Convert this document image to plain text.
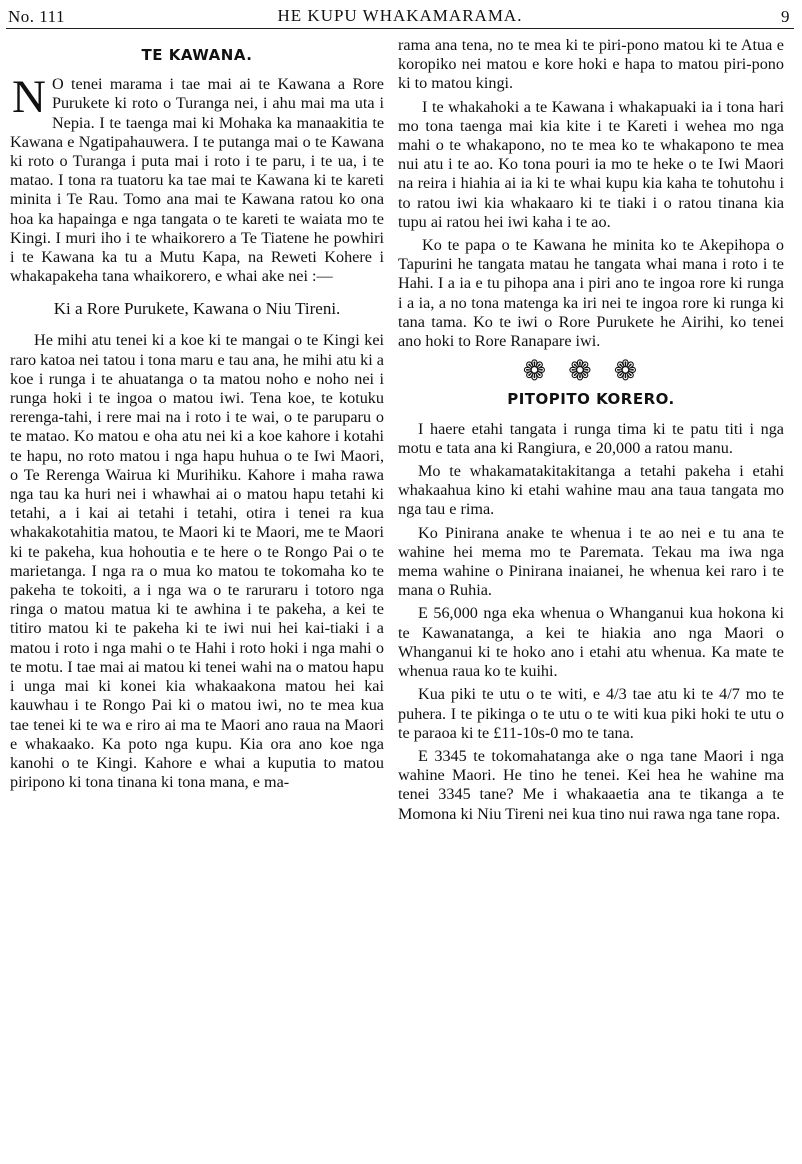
No. 111	HE KUPU WHAKAMARAMA.	9
TE KAWANA.

N O tenei marama i tae mai ai te Kawana a Rore Purukete ki roto o Turanga nei, i ahu mai ma uta i Nepia. I te taenga mai ki Mohaka ka manaakitia te Kawana e Ngatipahauwera. I te putanga mai o te Kawana ki roto o Turanga i puta mai i roto i te paru, i te ua, i te matao. I tona ra tuatoru ka tae mai te Kawana ki te kareti minita i Te Rau. Tomo ana mai te Kawana ratou ko ona hoa ka hapainga e nga tangata o te kareti te waiata mo te Kingi. I muri iho i te whaikorero a Te Tiatene he powhiri i te Kawana ka tu a Mutu Kapa, na Reweti Kohere i whakapakeha tana whaikorero, e whai ake nei :—

Ki a Rore Purukete, Kawana o Niu Tireni.

He mihi atu tenei ki a koe ki te mangai o te Kingi kei raro katoa nei tatou i tona maru e tau ana, he mihi atu ki a koe i runga i te ahuatanga o ta matou noho e noho nei i runga hoki i te ingoa o matou iwi. Tena koe, te kotuku rerenga-tahi, i rere mai na i roto i te wai, o te paruparu o te matao. Ko matou e oha atu nei ki a koe kahore i kotahi te hapu, no roto matou i nga hapu huhua o te Iwi Maori, o Te Rerenga Wairua ki Murihiku. Kahore i maha rawa nga tau ka huri nei i whawhai ai o matou hapu tetahi ki tetahi, a i kai ai tetahi i tetahi, otira i tenei ra kua whakakotahitia matou, te Maori ki te Maori, me te Maori ki te pakeha, kua hohoutia e te here o te Rongo Pai o te marietanga. I nga ra o mua ko matou te tokomaha ko te pakeha te tokoiti, a i nga wa o te raruraru i totoro nga ringa o matou matua ki te awhina i te pakeha, a kei te titiro matou ki te pakeha ki te iwi nui hei kai-tiaki i a matou i roto i nga mahi o te Hahi i roto hoki i nga mahi o te motu. I tae mai ai matou ki tenei wahi na o matou hapu i unga mai ki konei kia whakaakona matou hei kai kauwhau i te Rongo Pai ki o matou iwi, no te mea kua tae tenei ki te wa e riro ai ma te Maori ano raua na Maori e whakaako. Ka poto nga kupu. Kia ora ano koe nga kanohi o te Kingi. Kahore e whai a kuputia to matou piripono ki tona tinana ki tona mana, e ma-

rama ana tena, no te mea ki te piri-pono matou ki te Atua e koropiko nei matou e kore hoki e hapa to matou piri-pono ki to matou kingi.

I te whakahoki a te Kawana i whakapuaki ia i tona hari mo tona taenga mai kia kite i te Kareti i wehea mo nga mahi o te whakapono, no te mea ko te whakapono te mea nui atu i te ao. Ko tona pouri ia mo te heke o te Iwi Maori na reira i hiahia ai ia ki te whai kupu kia kaha te tohutohu i to ratou iwi kia whakaaro ki te tiaki i o ratou tinana kia tupu ai ratou hei iwi kaha i te ao.

Ko te papa o te Kawana he minita ko te Akepihopa o Tapurini he tangata matau he tangata whai mana i roto i te Hahi. I a ia e tu pihopa ana i piri ano te ingoa rore ki runga i a ia, a no tona matenga ka iri nei te ingoa rore ki runga ki tana tama. Ko te iwi o Rore Purukete he Airihi, ko tenei ano hoki to Rore Ranapare iwi.

❁❁❁
PITOPITO KORERO.

I haere etahi tangata i runga tima ki te patu titi i nga motu e tata ana ki Rangiura, e 20,000 a ratou manu.

Mo te whakamatakitakitanga a tetahi pakeha i etahi whakaahua kino ki etahi wahine mau ana taua tangata mo nga tau e rima.

Ko Pinirana anake te whenua i te ao nei e tu ana te wahine hei mema mo te Paremata. Tekau ma iwa nga mema wahine o Pinirana inaianei, he whenua kei raro i te mana o Ruhia.

E 56,000 nga eka whenua o Whanganui kua hokona ki te Kawanatanga, a kei te hiakia ano nga Maori o Whanganui ki te hoko ano i etahi atu whenua. Ka mate te whenua raua ko te kuihi.

Kua piki te utu o te witi, e 4/3 tae atu ki te 4/7 mo te puhera. I te pikinga o te utu o te witi kua piki hoki te utu o te paraoa ki te £11-10s-0 mo te tana.

E 3345 te tokomahatanga ake o nga tane Maori i nga wahine Maori. He tino he tenei. Kei hea he wahine ma tenei 3345 tane? Me i whakaaetia ana te tikanga a te Momona ki Niu Tireni nei kua tino nui rawa nga tane ropa.
